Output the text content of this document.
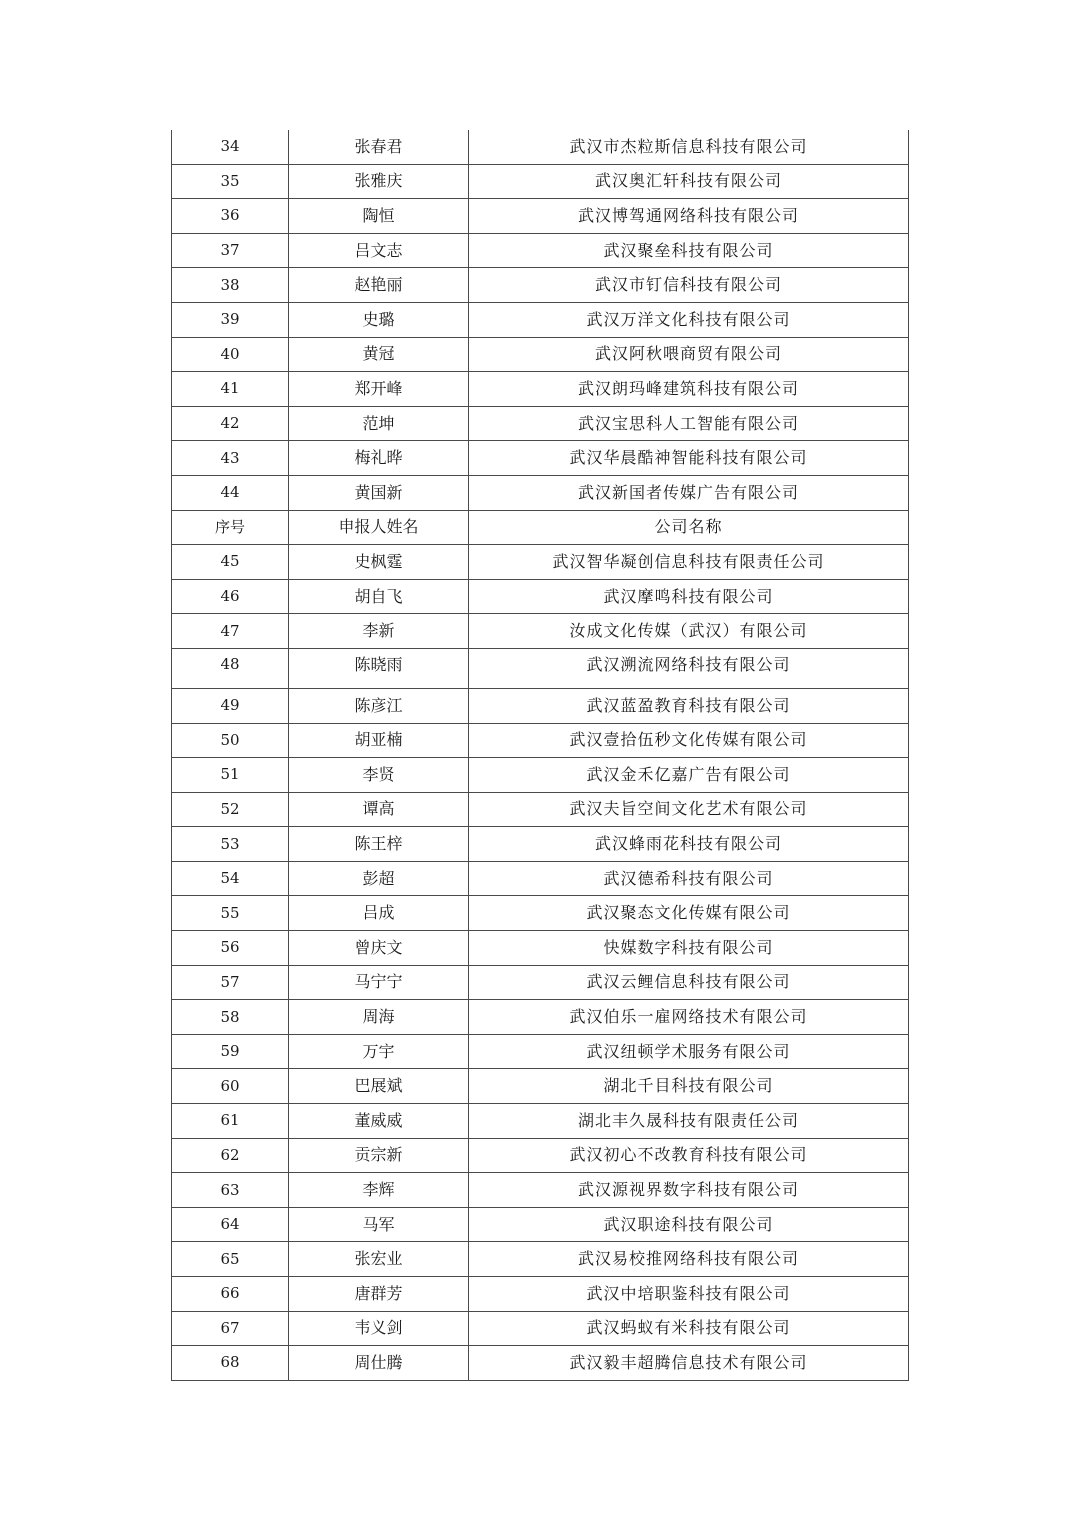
34	张春君	武汉市杰粒斯信息科技有限公司
35	张雅庆	武汉奥汇轩科技有限公司
36	陶恒	武汉博驾通网络科技有限公司
37	吕文志	武汉聚垒科技有限公司
38	赵艳丽	武汉市钉信科技有限公司
39	史璐	武汉万洋文化科技有限公司
40	黄冠	武汉阿秋喂商贸有限公司
41	郑开峰	武汉朗玛峰建筑科技有限公司
42	范坤	武汉宝思科人工智能有限公司
43	梅礼晔	武汉华晨酷神智能科技有限公司
44	黄国新	武汉新国者传媒广告有限公司
序号	申报人姓名	公司名称
45	史枫霆	武汉智华凝创信息科技有限责任公司
46	胡自飞	武汉摩鸣科技有限公司
47	李新	汝成文化传媒（武汉）有限公司
48	陈晓雨	武汉溯流网络科技有限公司
49	陈彦江	武汉蓝盈教育科技有限公司
50	胡亚楠	武汉壹拾伍秒文化传媒有限公司
51	李贤	武汉金禾亿嘉广告有限公司
52	谭高	武汉夫旨空间文化艺术有限公司
53	陈王梓	武汉蜂雨花科技有限公司
54	彭超	武汉德希科技有限公司
55	吕成	武汉聚态文化传媒有限公司
56	曾庆文	快媒数字科技有限公司
57	马宁宁	武汉云鲤信息科技有限公司
58	周海	武汉伯乐一雇网络技术有限公司
59	万宇	武汉纽顿学术服务有限公司
60	巴展斌	湖北千目科技有限公司
61	董威威	湖北丰久晟科技有限责任公司
62	贡宗新	武汉初心不改教育科技有限公司
63	李辉	武汉源视界数字科技有限公司
64	马军	武汉职途科技有限公司
65	张宏业	武汉易校推网络科技有限公司
66	唐群芳	武汉中培职鉴科技有限公司
67	韦义剑	武汉蚂蚁有米科技有限公司
68	周仕腾	武汉毅丰超腾信息技术有限公司
